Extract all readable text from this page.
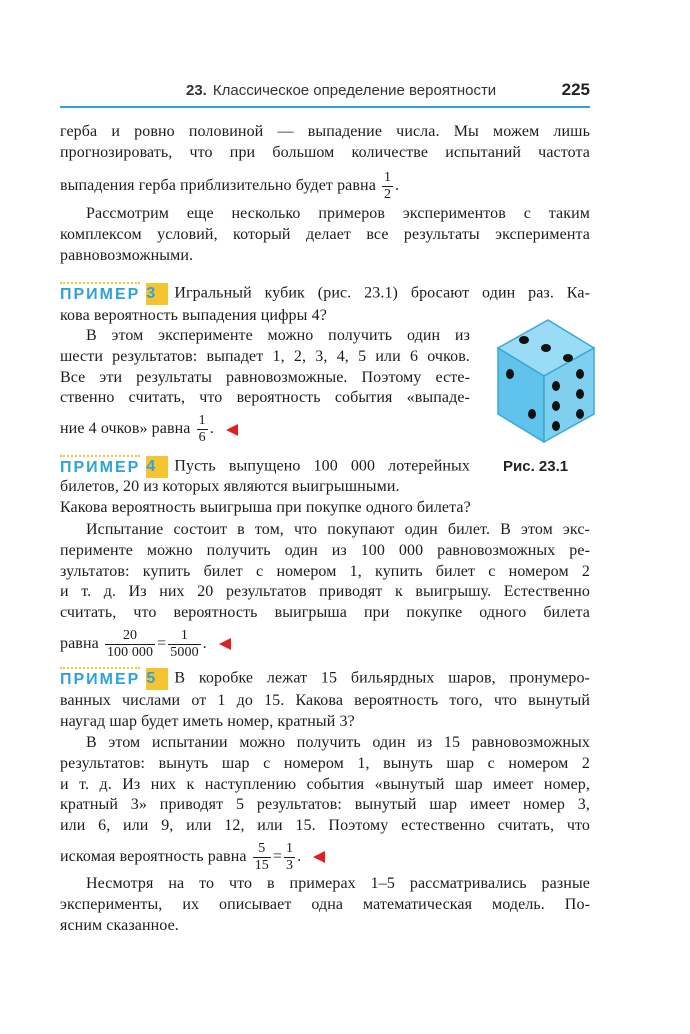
23. Классическое определение вероятности	225
герба и ровно половиной — выпадение числа. Мы можем лишь
прогнозировать, что при большом количестве испытаний частота
выпадения герба приблизительно будет равна $\frac{1}{2}$ .
Рассмотрим еще несколько примеров экспериментов с таким
комплексом условий, который делает все результаты эксперимента
равновозможными.
ПРИМЕР 3	Игральный кубик (рис. 23.1) бросают один раз. Ка-
кова вероятность выпадения цифры 4?
В этом эксперименте можно получить один из
шести результатов: выпадет 1, 2, 3, 4, 5 или 6 очков.
Все эти результаты равновозможные. Поэтому есте-
ственно считать, что вероятность события «выпаде-
ние 4 очков» равна $\frac{1}{6}$ .
Рис. 23.1
ПРИМЕР 4	Пусть выпущено 100 000 лотерейных
билетов, 20 из которых являются выигрышными.
Какова вероятность выигрыша при покупке одного билета?
Испытание состоит в том, что покупают один билет. В этом экс-
перименте можно получить один из 100 000 равновозможных ре-
зультатов: купить билет с номером 1, купить билет с номером 2
и т. д. Из них 20 результатов приводят к выигрышу. Естественно
считать, что вероятность выигрыша при покупке одного билета
равна $\frac{20}{100 000} = \frac{1}{5000}$ .
ПРИМЕР 5	В коробке лежат 15 бильярдных шаров, пронумеро-
ванных числами от 1 до 15. Какова вероятность того, что вынутый
наугад шар будет иметь номер, кратный 3?
В этом испытании можно получить один из 15 равновозможных
результатов: вынуть шар с номером 1, вынуть шар с номером 2
и т. д. Из них к наступлению события «вынутый шар имеет номер,
кратный 3» приводят 5 результатов: вынутый шар имеет номер 3,
или 6, или 9, или 12, или 15. Поэтому естественно считать, что
искомая вероятность равна $\frac{5}{15} = \frac{1}{3}$ .
Несмотря на то что в примерах 1–5 рассматривались разные
эксперименты, их описывает одна математическая модель. По-
ясним сказанное.
